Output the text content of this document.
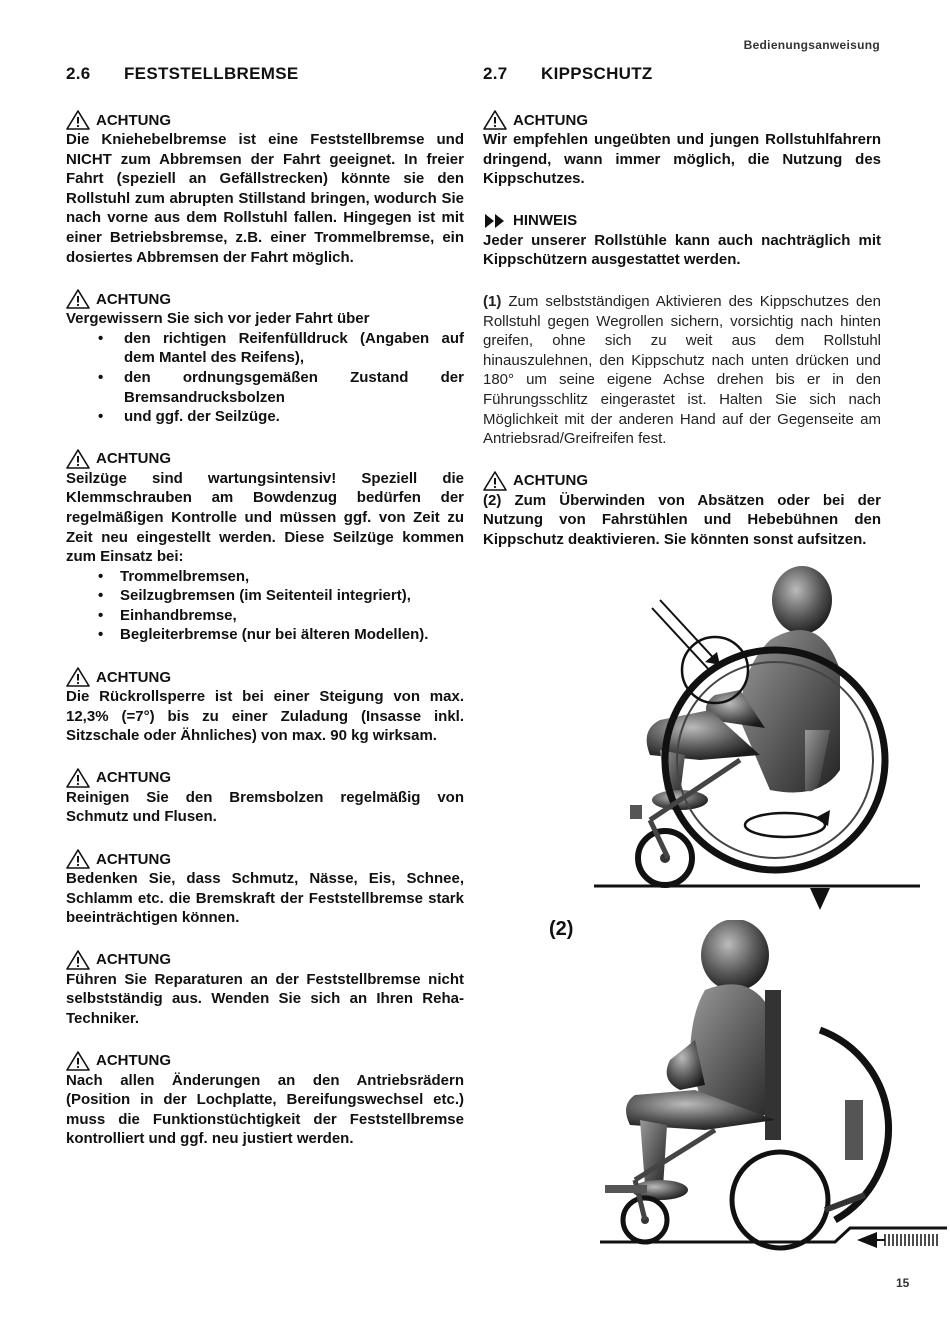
Bedienungsanweisung
2.6	FESTSTELLBREMSE
ACHTUNG
Die Kniehebelbremse ist eine Feststellbremse und NICHT zum Abbremsen der Fahrt geeignet. In freier Fahrt (speziell an Gefällstrecken) könnte sie den Rollstuhl zum abrupten Stillstand bringen, wodurch Sie nach vorne aus dem Rollstuhl fallen. Hingegen ist mit einer Betriebsbremse, z.B. einer Trommelbremse, ein dosiertes Abbremsen der Fahrt möglich.
ACHTUNG
Vergewissern Sie sich vor jeder Fahrt über
• den richtigen Reifenfülldruck (Angaben auf dem Mantel des Reifens),
• den ordnungsgemäßen Zustand der Bremsandrucksbolzen
• und ggf. der Seilzüge.
ACHTUNG
Seilzüge sind wartungsintensiv! Speziell die Klemmschrauben am Bowdenzug bedürfen der regelmäßigen Kontrolle und müssen ggf. von Zeit zu Zeit neu eingestellt werden. Diese Seilzüge kommen zum Einsatz bei:
• Trommelbremsen,
• Seilzugbremsen (im Seitenteil integriert),
• Einhandbremse,
• Begleiterbremse (nur bei älteren Modellen).
ACHTUNG
Die Rückrollsperre ist bei einer Steigung von max. 12,3% (=7°) bis zu einer Zuladung (Insasse inkl. Sitzschale oder Ähnliches) von max. 90 kg wirksam.
ACHTUNG
Reinigen Sie den Bremsbolzen regelmäßig von Schmutz und Flusen.
ACHTUNG
Bedenken Sie, dass Schmutz, Nässe, Eis, Schnee, Schlamm etc. die Bremskraft der Feststellbremse stark beeinträchtigen können.
ACHTUNG
Führen Sie Reparaturen an der Feststellbremse nicht selbstständig aus. Wenden Sie sich an Ihren Reha-Techniker.
ACHTUNG
Nach allen Änderungen an den Antriebsrädern (Position in der Lochplatte, Bereifungswechsel etc.) muss die Funktionstüchtigkeit der Feststellbremse kontrolliert und ggf. neu justiert werden.
2.7	KIPPSCHUTZ
ACHTUNG
Wir empfehlen ungeübten und jungen Rollstuhlfahrern dringend, wann immer möglich, die Nutzung des Kippschutzes.
HINWEIS
Jeder unserer Rollstühle kann auch nachträglich mit Kippschützern ausgestattet werden.
(1) Zum selbstständigen Aktivieren des Kippschutzes den Rollstuhl gegen Wegrollen sichern, vorsichtig nach hinten greifen, ohne sich zu weit aus dem Rollstuhl hinauszulehnen, den Kippschutz nach unten drücken und 180° um seine eigene Achse drehen bis er in den Führungsschlitz eingerastet ist. Halten Sie sich nach Möglichkeit mit der anderen Hand auf der Gegenseite am Antriebsrad/Greifreifen fest.
ACHTUNG
(2) Zum Überwinden von Absätzen oder bei der Nutzung von Fahrstühlen und Hebebühnen den Kippschutz deaktivieren. Sie könnten sonst aufsitzen.
(2)
15
